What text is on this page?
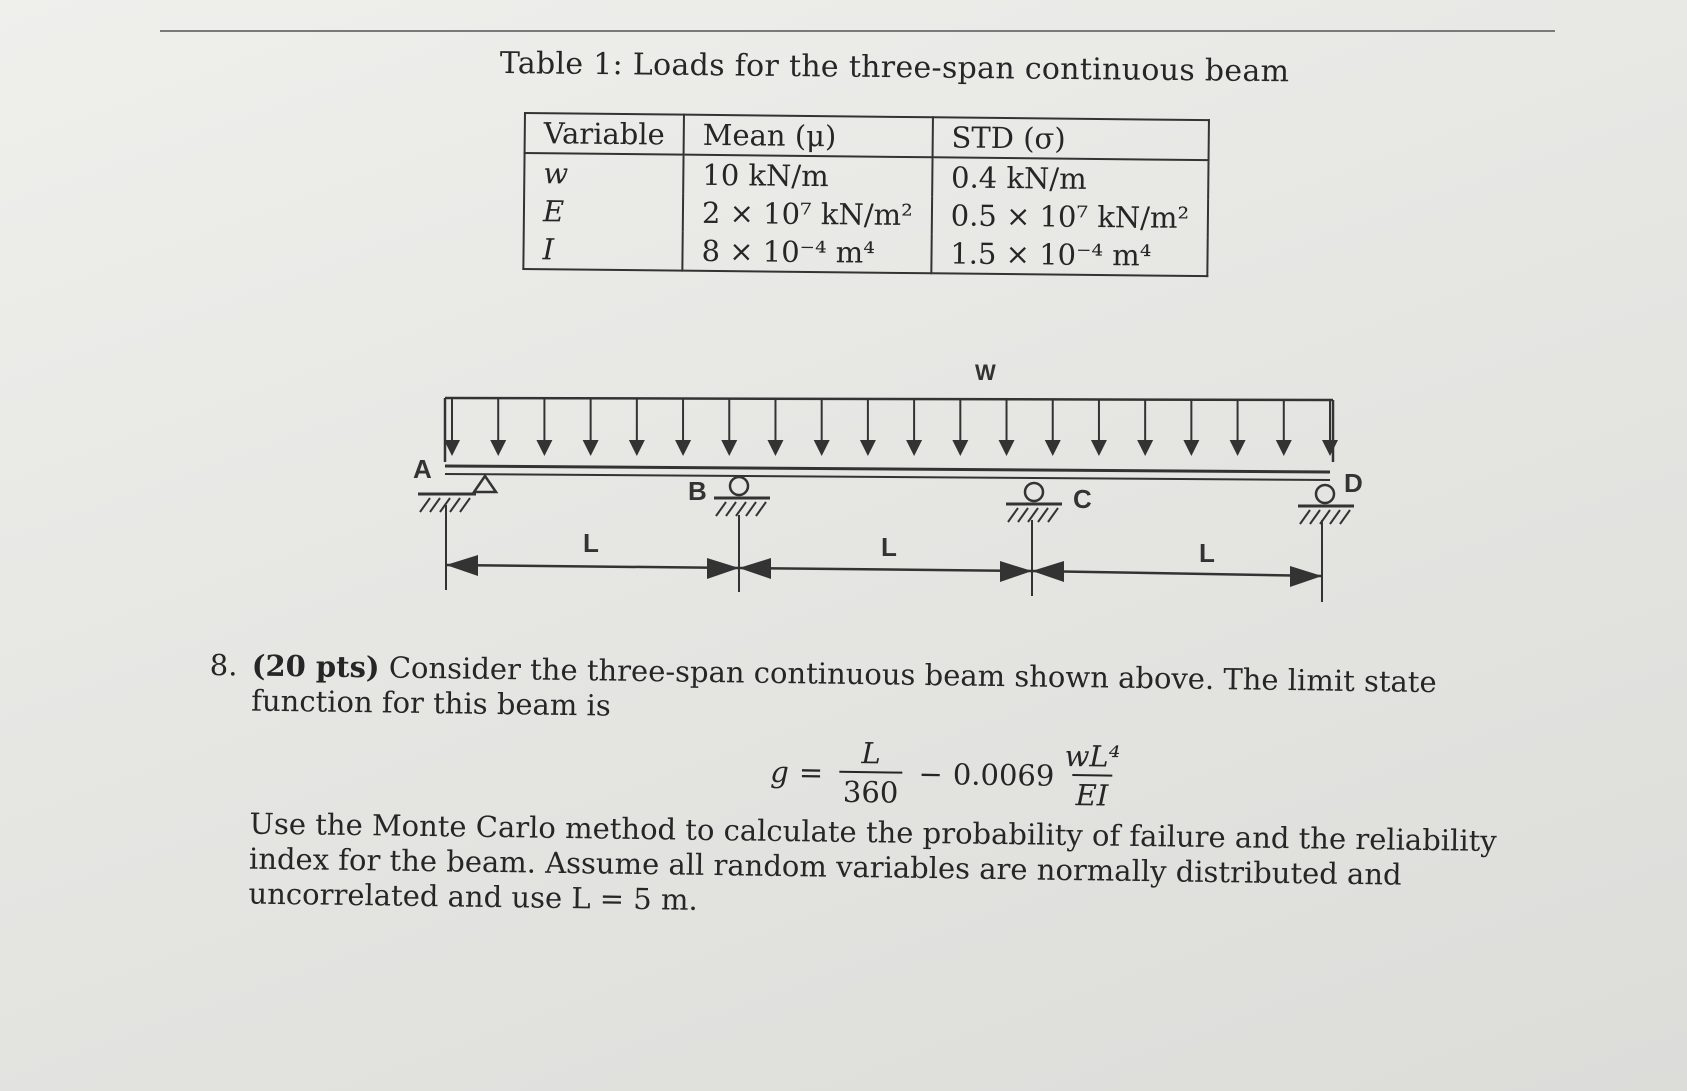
Table 1: Loads for the three-span continuous beam
Variable	Mean (μ)	STD (σ)
w	10 kN/m	0.4 kN/m
E	2 × 10⁷ kN/m²	0.5 × 10⁷ kN/m²
I	8 × 10⁻⁴ m⁴	1.5 × 10⁻⁴ m⁴
W
A
B	C
D
L	L	L
8. (20 pts) Consider the three-span continuous beam shown above. The limit state function for this beam is
$g = \frac{L}{360} - 0.0069 \frac{\text{wL⁴}}{EI}$
Use the Monte Carlo method to calculate the probability of failure and the reliability index for the beam. Assume all random variables are normally distributed and uncorrelated and use L = 5 m.
